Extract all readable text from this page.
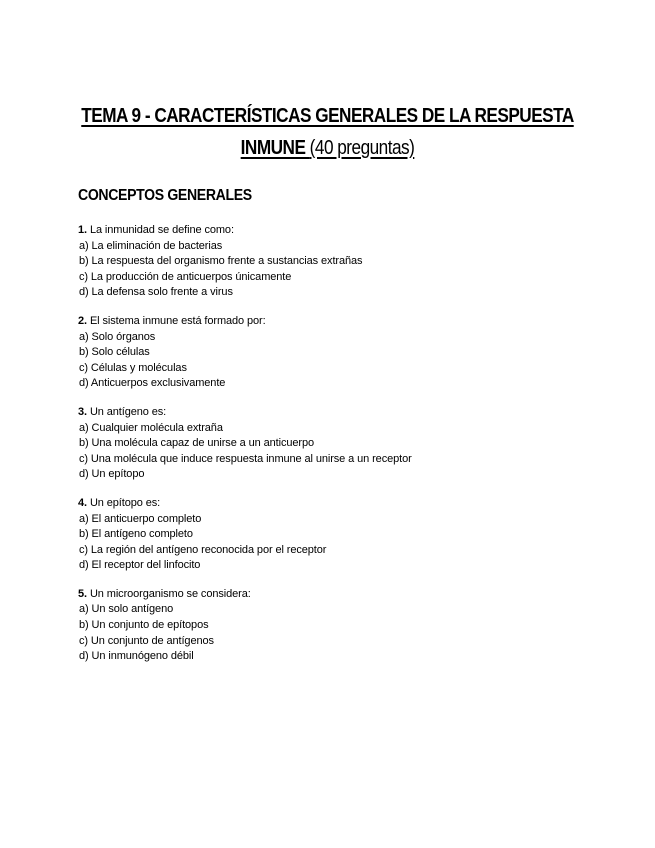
TEMA 9 - CARACTERÍSTICAS GENERALES DE LA RESPUESTA
INMUNE (40 preguntas)
CONCEPTOS GENERALES
1. La inmunidad se define como:
a) La eliminación de bacterias
b) La respuesta del organismo frente a sustancias extrañas
c) La producción de anticuerpos únicamente
d) La defensa solo frente a virus
2. El sistema inmune está formado por:
a) Solo órganos
b) Solo células
c) Células y moléculas
d) Anticuerpos exclusivamente
3. Un antígeno es:
a) Cualquier molécula extraña
b) Una molécula capaz de unirse a un anticuerpo
c) Una molécula que induce respuesta inmune al unirse a un receptor
d) Un epítopo
4. Un epítopo es:
a) El anticuerpo completo
b) El antígeno completo
c) La región del antígeno reconocida por el receptor
d) El receptor del linfocito
5. Un microorganismo se considera:
a) Un solo antígeno
b) Un conjunto de epítopos
c) Un conjunto de antígenos
d) Un inmunógeno débil
